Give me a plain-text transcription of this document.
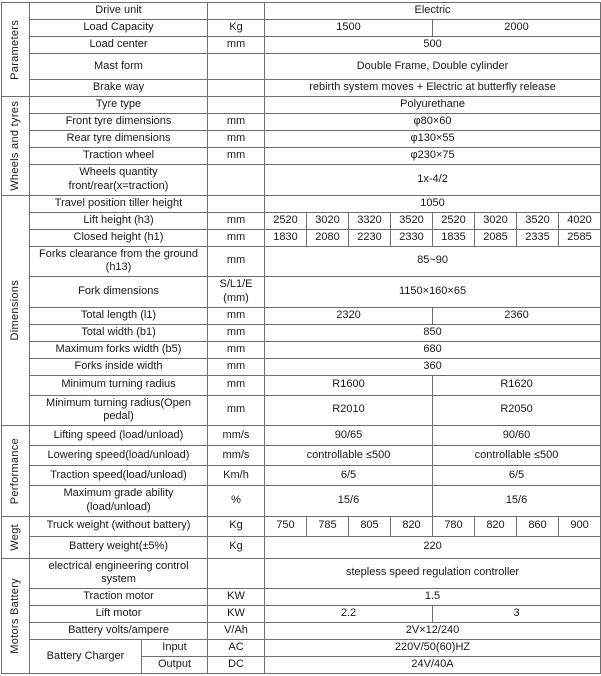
Parameters	Drive unit			Electric							
	Load Capacity		Kg	1500				2000			
	Load center		mm	500							
	Mast form			Double Frame, Double cylinder							
	Brake way			rebirth system moves + Electric at butterfly release							

Wheels and tyres	Tyre type			Polyurethane							
	Front tyre dimensions		mm	φ80×60							
	Rear tyre dimensions		mm	φ130×55							
	Traction wheel		mm	φ230×75							
	Wheels quantity front/rear(x=traction)			1x-4/2							

Dimensions	Travel position tiller height			1050							
	Lift height (h3)		mm	2520	3020	3320	3520	2520	3020	3520	4020
	Closed height (h1)		mm	1830	2080	2230	2330	1835	2085	2335	2585
	Forks clearance from the ground (h13)		mm	85~90							
	Fork dimensions		S/L1/E (mm)	1150×160×65							
	Total length (l1)		mm	2320				2360			
	Total width (b1)		mm	850							
	Maximum forks width (b5)		mm	680							
	Forks inside width		mm	360							
	Minimum turning radius		mm	R1600				R1620			
	Minimum turning radius(Open pedal)		mm	R2010				R2050			

Performance	Lifting speed (load/unload)		mm/s	90/65				90/60			
	Lowering speed(load/unload)		mm/s	controllable ≤500				controllable ≤500			
	Traction speed(load/unload)		Km/h	6/5				6/5			
	Maximum grade ability (load/unload)		%	15/6				15/6			

Wegt	Truck weight (without battery)		Kg	750	785	805	820	780	820	860	900
	Battery weight(±5%)		Kg	220							

Motors Battery	electrical engineering control system			stepless speed regulation controller							
	Traction motor		KW	1.5							
	Lift motor		KW	2.2				3			
	Battery volts/ampere		V/Ah	2V×12/240							
	Battery Charger	Input	AC	220V/50(60)HZ							
		Output	DC	24V/40A							
